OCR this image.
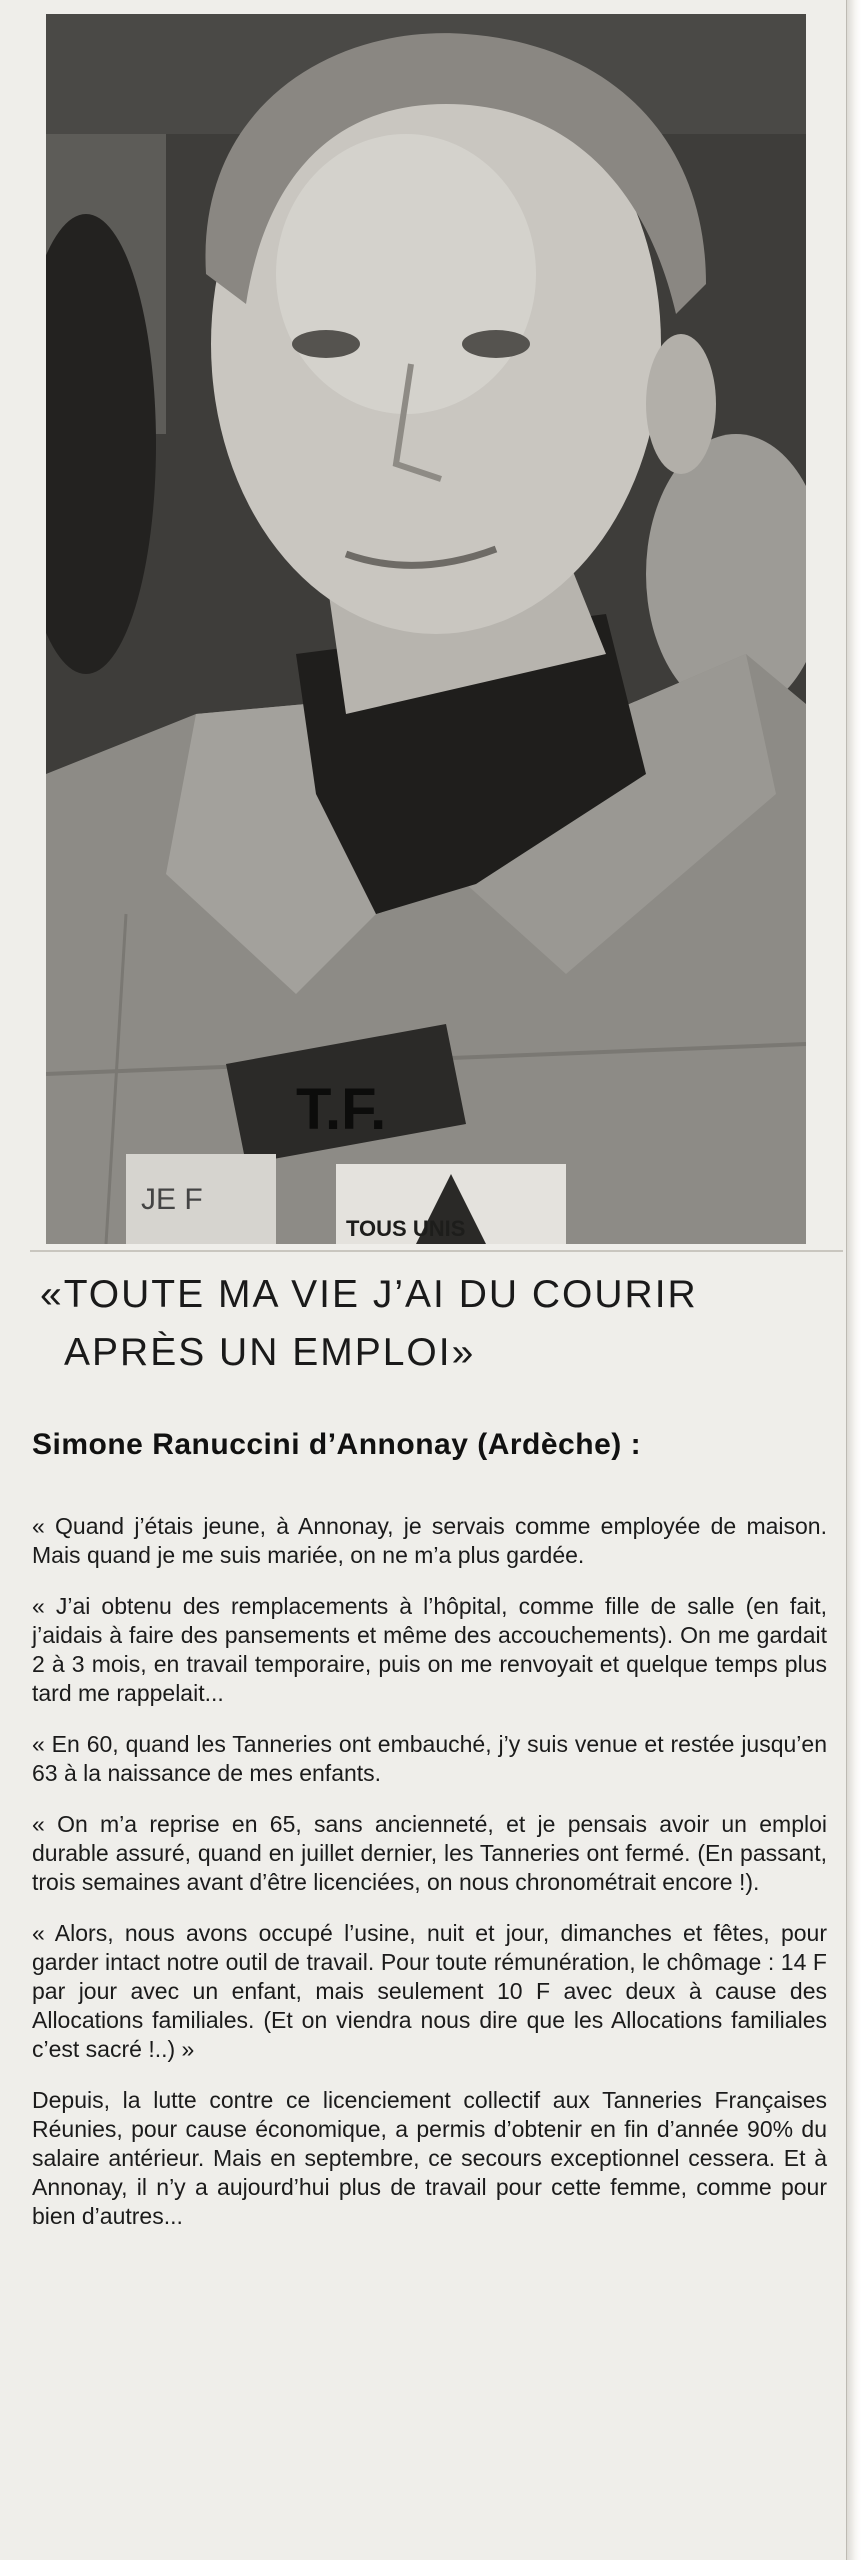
T.F.
JE F
TOUS UNIS
«TOUTE MA VIE J’AI DU COURIR
APRÈS UN EMPLOI»
Simone Ranuccini d’Annonay (Ardèche) :

« Quand j’étais jeune, à Annonay, je servais comme employée de maison. Mais quand je me suis mariée, on ne m’a plus gardée.

« J’ai obtenu des remplacements à l’hôpital, comme fille de salle (en fait, j’aidais à faire des pansements et même des accouchements). On me gardait 2 à 3 mois, en travail temporaire, puis on me renvoyait et quelque temps plus tard me rappelait...

« En 60, quand les Tanneries ont embauché, j’y suis venue et restée jusqu’en 63 à la naissance de mes enfants.

« On m’a reprise en 65, sans ancienneté, et je pensais avoir un emploi durable assuré, quand en juillet dernier, les Tanneries ont fermé. (En passant, trois semaines avant d’être licenciées, on nous chronométrait encore !).

« Alors, nous avons occupé l’usine, nuit et jour, dimanches et fêtes, pour garder intact notre outil de travail. Pour toute rémunération, le chômage : 14 F par jour avec un enfant, mais seulement 10 F avec deux à cause des Allocations familiales. (Et on viendra nous dire que les Allocations familiales c’est sacré !..) »

Depuis, la lutte contre ce licenciement collectif aux Tanneries Françaises Réunies, pour cause économique, a permis d’obtenir en fin d’année 90% du salaire antérieur. Mais en septembre, ce secours exceptionnel cessera. Et à Annonay, il n’y a aujourd’hui plus de travail pour cette femme, comme pour bien d’autres...
